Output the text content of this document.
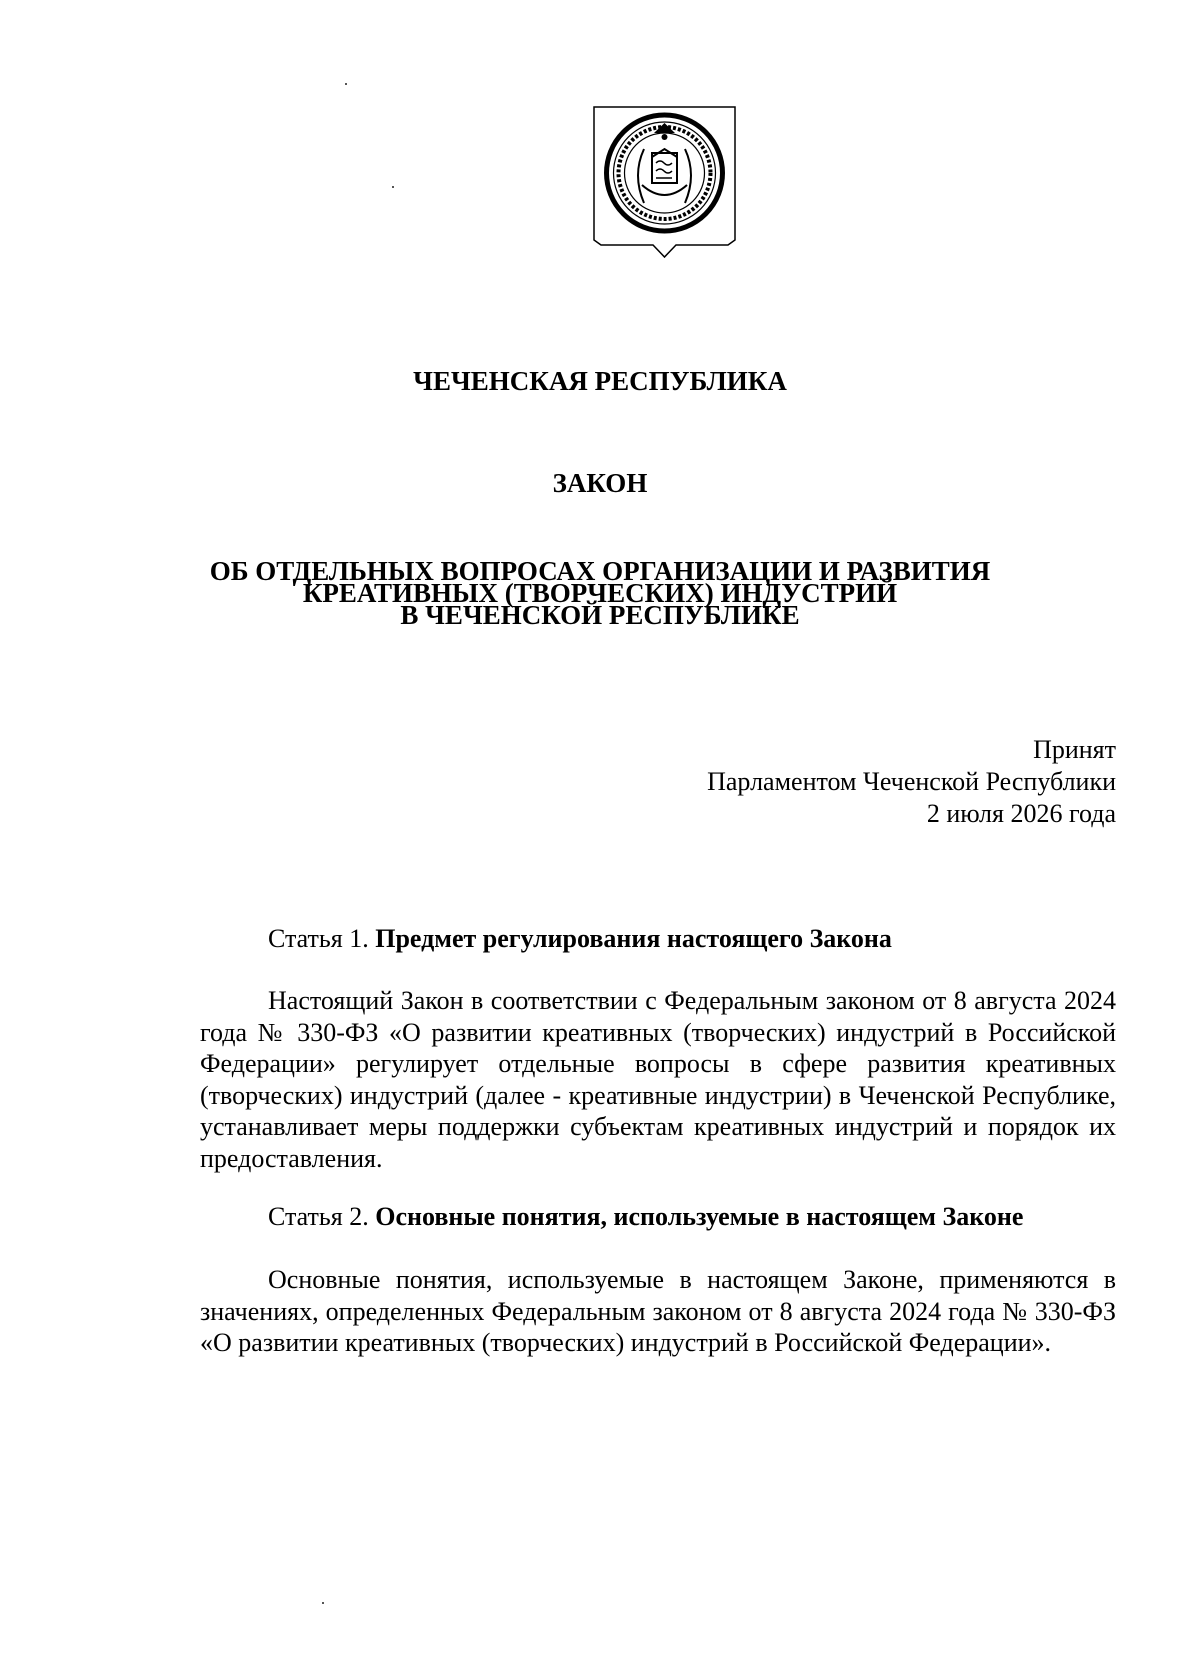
ЧЕЧЕНСКАЯ РЕСПУБЛИКА
ЗАКОН
ОБ ОТДЕЛЬНЫХ ВОПРОСАХ ОРГАНИЗАЦИИ И РАЗВИТИЯ
КРЕАТИВНЫХ (ТВОРЧЕСКИХ) ИНДУСТРИЙ
В ЧЕЧЕНСКОЙ РЕСПУБЛИКЕ
Принят
Парламентом Чеченской Республики
2 июля 2026 года
Статья 1. Предмет регулирования настоящего Закона
Настоящий Закон в соответствии с Федеральным законом от 8 августа 2024 года № 330-ФЗ «О развитии креативных (творческих) индустрий в Российской Федерации» регулирует отдельные вопросы в сфере развития креативных (творческих) индустрий (далее - креативные индустрии) в Чеченской Республике, устанавливает меры поддержки субъектам креативных индустрий и порядок их предоставления.
Статья 2. Основные понятия, используемые в настоящем Законе
Основные понятия, используемые в настоящем Законе, применяются в значениях, определенных Федеральным законом от 8 августа 2024 года № 330-ФЗ «О развитии креативных (творческих) индустрий в Российской Федерации».
